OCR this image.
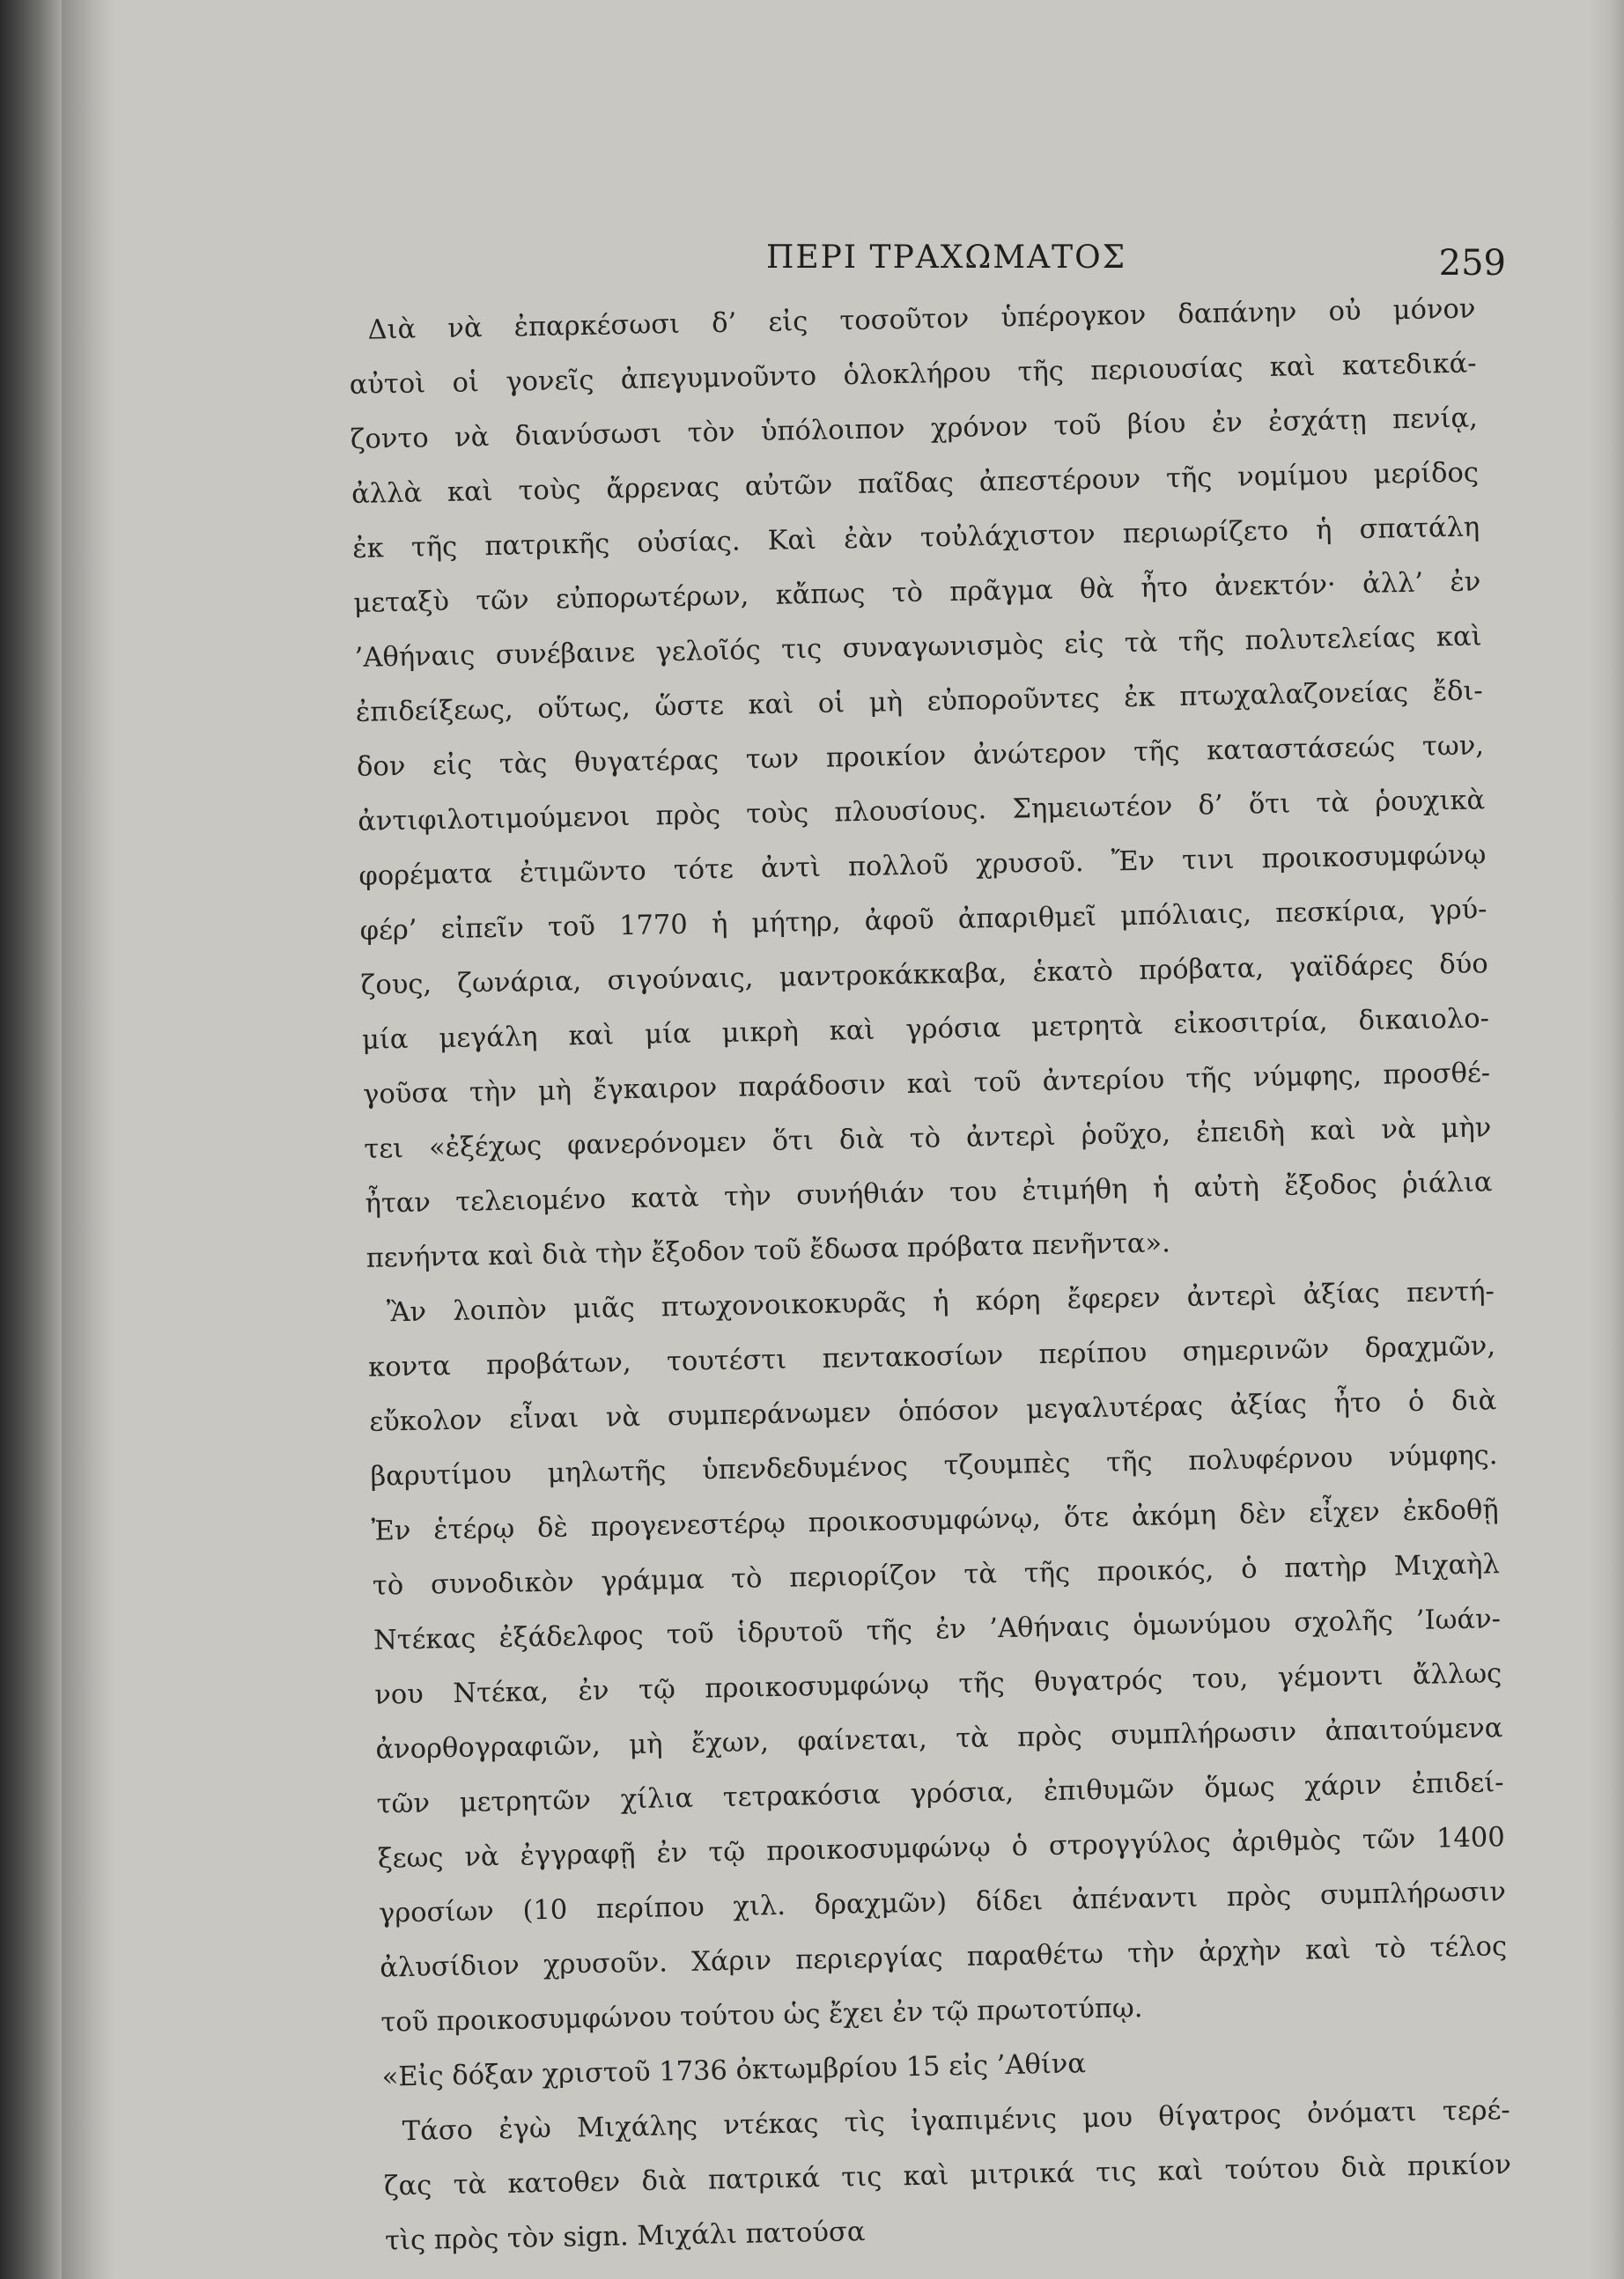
ΠΕΡΙ ΤΡΑΧΩΜΑΤΟΣ	259
Διὰ νὰ ἐπαρκέσωσι δ’ εἰς τοσοῦτον ὑπέρογκον δαπάνην οὐ μόνον
αὐτοὶ οἱ γονεῖς ἀπεγυμνοῦντο ὁλοκλήρου τῆς περιουσίας καὶ κατεδικά-
ζοντο νὰ διανύσωσι τὸν ὑπόλοιπον χρόνον τοῦ βίου ἐν ἐσχάτῃ πενίᾳ,
ἀλλὰ καὶ τοὺς ἄρρενας αὐτῶν παῖδας ἀπεστέρουν τῆς νομίμου μερίδος
ἐκ τῆς πατρικῆς οὐσίας. Καὶ ἐὰν τοὐλάχιστον περιωρίζετο ἡ σπατάλη
μεταξὺ τῶν εὐπορωτέρων, κἄπως τὸ πρᾶγμα θὰ ἦτο ἀνεκτόν· ἀλλ’ ἐν
’Αθήναις συνέβαινε γελοῖός τις συναγωνισμὸς εἰς τὰ τῆς πολυτελείας καὶ
ἐπιδείξεως, οὕτως, ὥστε καὶ οἱ μὴ εὐποροῦντες ἐκ πτωχαλαζονείας ἔδι-
δον εἰς τὰς θυγατέρας των προικίον ἀνώτερον τῆς καταστάσεώς των,
ἀντιφιλοτιμούμενοι πρὸς τοὺς πλουσίους. Σημειωτέον δ’ ὅτι τὰ ῥουχικὰ
φορέματα ἐτιμῶντο τότε ἀντὶ πολλοῦ χρυσοῦ. Ἔν τινι προικοσυμφώνῳ
φέρ’ εἰπεῖν τοῦ 1770 ἡ μήτηρ, ἀφοῦ ἀπαριθμεῖ μπόλιαις, πεσκίρια, γρύ-
ζους, ζωνάρια, σιγούναις, μαντροκάκκαβα, ἑκατὸ πρόβατα, γαϊδάρες δύο
μία μεγάλη καὶ μία μικρὴ καὶ γρόσια μετρητὰ εἰκοσιτρία, δικαιολο-
γοῦσα τὴν μὴ ἔγκαιρον παράδοσιν καὶ τοῦ ἀντερίου τῆς νύμφης, προσθέ-
τει «ἐξέχως φανερόνομεν ὅτι διὰ τὸ ἀντερὶ ῥοῦχο, ἐπειδὴ καὶ νὰ μὴν
ἦταν τελειομένο κατὰ τὴν συνήθιάν του ἐτιμήθη ἡ αὐτὴ ἔξοδος ῥιάλια
πενήντα καὶ διὰ τὴν ἔξοδον τοῦ ἔδωσα πρόβατα πενῆντα».
Ἂν λοιπὸν μιᾶς πτωχονοικοκυρᾶς ἡ κόρη ἔφερεν ἀντερὶ ἀξίας πεντή-
κοντα προβάτων, τουτέστι πεντακοσίων περίπου σημερινῶν δραχμῶν,
εὔκολον εἶναι νὰ συμπεράνωμεν ὁπόσον μεγαλυτέρας ἀξίας ἦτο ὁ διὰ
βαρυτίμου μηλωτῆς ὑπενδεδυμένος τζουμπὲς τῆς πολυφέρνου νύμφης.
Ἐν ἑτέρῳ δὲ προγενεστέρῳ προικοσυμφώνῳ, ὅτε ἀκόμη δὲν εἶχεν ἐκδοθῇ
τὸ συνοδικὸν γράμμα τὸ περιορίζον τὰ τῆς προικός, ὁ πατὴρ Μιχαὴλ
Ντέκας ἐξάδελφος τοῦ ἱδρυτοῦ τῆς ἐν ’Αθήναις ὁμωνύμου σχολῆς ’Ιωάν-
νου Ντέκα, ἐν τῷ προικοσυμφώνῳ τῆς θυγατρός του, γέμοντι ἄλλως
ἀνορθογραφιῶν, μὴ ἔχων, φαίνεται, τὰ πρὸς συμπλήρωσιν ἀπαιτούμενα
τῶν μετρητῶν χίλια τετρακόσια γρόσια, ἐπιθυμῶν ὅμως χάριν ἐπιδεί-
ξεως νὰ ἐγγραφῇ ἐν τῷ προικοσυμφώνῳ ὁ στρογγύλος ἀριθμὸς τῶν 1400
γροσίων (10 περίπου χιλ. δραχμῶν) δίδει ἀπέναντι πρὸς συμπλήρωσιν
ἀλυσίδιον χρυσοῦν. Χάριν περιεργίας παραθέτω τὴν ἀρχὴν καὶ τὸ τέλος
τοῦ προικοσυμφώνου τούτου ὡς ἔχει ἐν τῷ πρωτοτύπῳ.
«Εἰς δόξαν χριστοῦ 1736 ὀκτωμβρίου 15 εἰς ’Αθίνα
Τάσο ἐγὼ Μιχάλης ντέκας τὶς ἰγαπιμένις μου θίγατρος ὀνόματι τερέ-
ζας τὰ κατοθεν διὰ πατρικά τις καὶ μιτρικά τις καὶ τούτου διὰ πρικίον
τὶς πρὸς τὸν sign. Μιχάλι πατούσα
